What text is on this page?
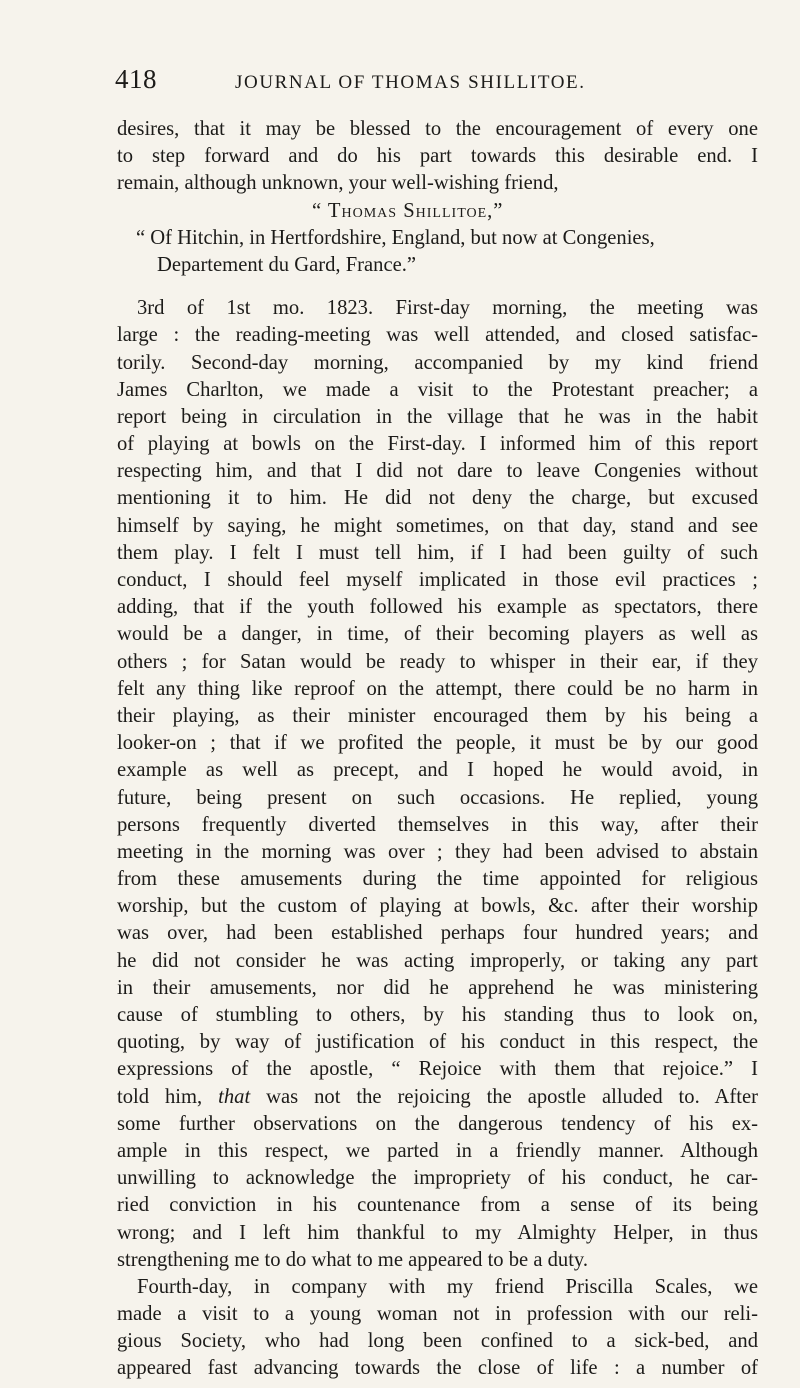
418	JOURNAL OF THOMAS SHILLITOE.
desires, that it may be blessed to the encouragement of every one
to step forward and do his part towards this desirable end. I
remain, although unknown, your well-wishing friend,
“ Thomas Shillitoe,”
“ Of Hitchin, in Hertfordshire, England, but now at Congenies,
Departement du Gard, France.”
3rd of 1st mo. 1823. First-day morning, the meeting was
large : the reading-meeting was well attended, and closed satisfac-
torily. Second-day morning, accompanied by my kind friend
James Charlton, we made a visit to the Protestant preacher; a
report being in circulation in the village that he was in the habit
of playing at bowls on the First-day. I informed him of this report
respecting him, and that I did not dare to leave Congenies without
mentioning it to him. He did not deny the charge, but excused
himself by saying, he might sometimes, on that day, stand and see
them play. I felt I must tell him, if I had been guilty of such
conduct, I should feel myself implicated in those evil practices ;
adding, that if the youth followed his example as spectators, there
would be a danger, in time, of their becoming players as well as
others ; for Satan would be ready to whisper in their ear, if they
felt any thing like reproof on the attempt, there could be no harm in
their playing, as their minister encouraged them by his being a
looker-on ; that if we profited the people, it must be by our good
example as well as precept, and I hoped he would avoid, in
future, being present on such occasions. He replied, young
persons frequently diverted themselves in this way, after their
meeting in the morning was over ; they had been advised to abstain
from these amusements during the time appointed for religious
worship, but the custom of playing at bowls, &c. after their worship
was over, had been established perhaps four hundred years; and
he did not consider he was acting improperly, or taking any part
in their amusements, nor did he apprehend he was ministering
cause of stumbling to others, by his standing thus to look on,
quoting, by way of justification of his conduct in this respect, the
expressions of the apostle, “ Rejoice with them that rejoice.” I
told him, that was not the rejoicing the apostle alluded to. After
some further observations on the dangerous tendency of his ex-
ample in this respect, we parted in a friendly manner. Although
unwilling to acknowledge the impropriety of his conduct, he car-
ried conviction in his countenance from a sense of its being
wrong; and I left him thankful to my Almighty Helper, in thus
strengthening me to do what to me appeared to be a duty.
Fourth-day, in company with my friend Priscilla Scales, we
made a visit to a young woman not in profession with our reli-
gious Society, who had long been confined to a sick-bed, and
appeared fast advancing towards the close of life : a number of
